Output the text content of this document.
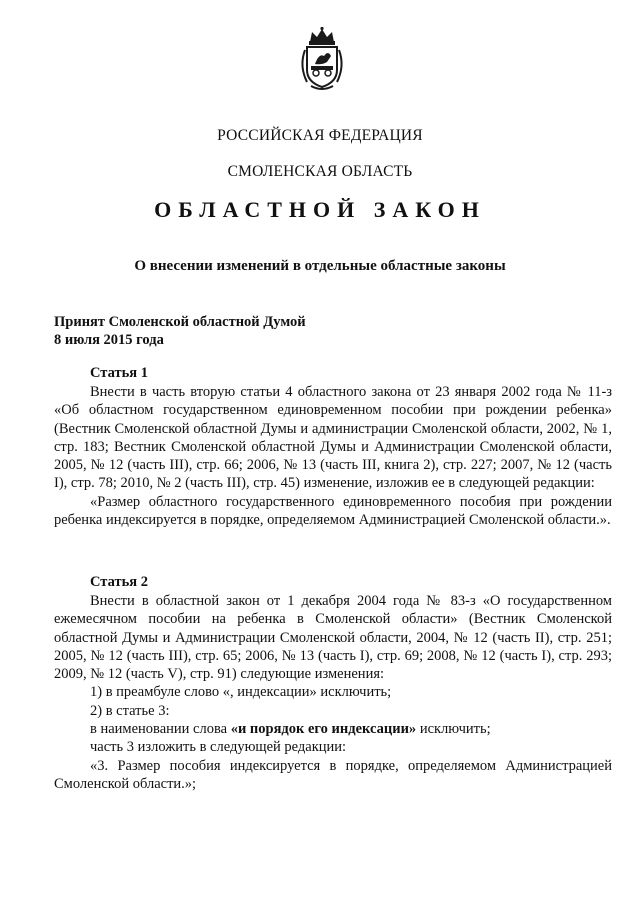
РОССИЙСКАЯ ФЕДЕРАЦИЯ
СМОЛЕНСКАЯ ОБЛАСТЬ
ОБЛАСТНОЙ ЗАКОН
О внесении изменений в отдельные областные законы
Принят Смоленской областной Думой
8 июля 2015 года
Статья 1

Внести в часть вторую статьи 4 областного закона от 23 января 2002 года № 11-з «Об областном государственном единовременном пособии при рождении ребенка» (Вестник Смоленской областной Думы и администрации Смоленской области, 2002, № 1, стр. 183; Вестник Смоленской областной Думы и Администрации Смоленской области, 2005, № 12 (часть III), стр. 66; 2006, № 13 (часть III, книга 2), стр. 227; 2007, № 12 (часть I), стр. 78; 2010, № 2 (часть III), стр. 45) изменение, изложив ее в следующей редакции:

«Размер областного государственного единовременного пособия при рождении ребенка индексируется в порядке, определяемом Администрацией Смоленской области.».

Статья 2

Внести в областной закон от 1 декабря 2004 года № 83-з «О государственном ежемесячном пособии на ребенка в Смоленской области» (Вестник Смоленской областной Думы и Администрации Смоленской области, 2004, № 12 (часть II), стр. 251; 2005, № 12 (часть III), стр. 65; 2006, № 13 (часть I), стр. 69; 2008, № 12 (часть I), стр. 293; 2009, № 12 (часть V), стр. 91) следующие изменения:

1) в преамбуле слово «, индексации» исключить;

2) в статье 3:

в наименовании слова «и порядок его индексации» исключить;

часть 3 изложить в следующей редакции:

«3. Размер пособия индексируется в порядке, определяемом Администрацией Смоленской области.»;
